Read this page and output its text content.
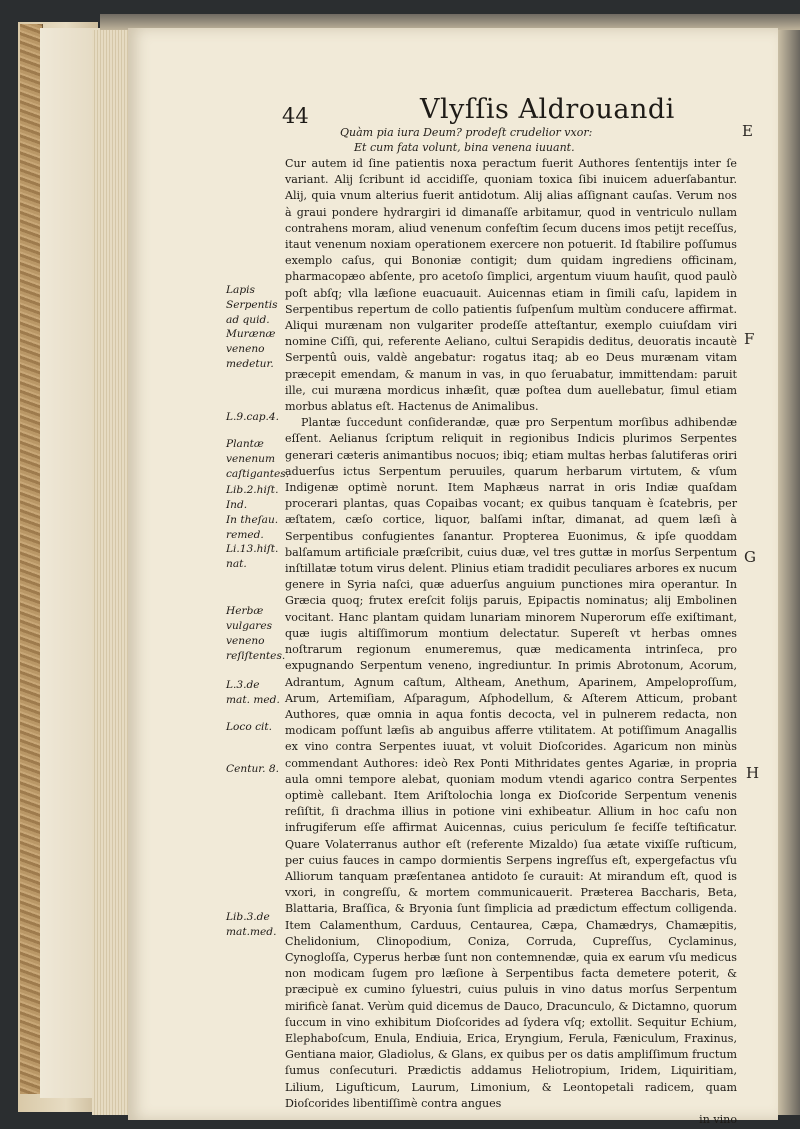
44	Vlyſſis Aldrouandi
E
F
G
H
Quàm pia iura Deum? prodeſt crudelior vxor:
Et cum fata volunt, bina venena iuuant.
Lapis Serpentis ad quid.
Murænæ veneno medetur.
L.9.cap.4.
Plantæ venenum caſtigantes.
Lib.2.hiſt. Ind.
In theſau. remed.
Li.13.hiſt. nat.
Herbæ vulgares veneno reſiſtentes.
L.3.de mat. med.
Loco cit.
Centur. 8.
Lib.3.de mat.med.

Cur autem id ſine patientis noxa peractum fuerit Authores ſententijs inter ſe variant. Alij ſcribunt id accidiſſe, quoniam toxica ſibi inuicem aduerſabantur. Alij, quia vnum alterius fuerit antidotum. Alij alias aſſignant cauſas. Verum nos à graui pondere hydrargiri id dimanaſſe arbitamur, quod in ventriculo nullam contrahens moram, aliud venenum confeſtim ſecum ducens imos petijt receſſus, itaut venenum noxiam operationem exercere non potuerit. Id ſtabilire poſſumus exemplo caſus, qui Bononiæ contigit; dum quidam ingrediens officinam, pharmacopæo abſente, pro acetoſo ſimplici, argentum viuum hauſit, quod paulò poſt abſq; vlla læſione euacuauit. Auicennas etiam in ſimili caſu, lapidem in Serpentibus repertum de collo patientis ſuſpenſum multùm conducere affirmat. Aliqui murænam non vulgariter prodeſſe atteſtantur, exemplo cuiuſdam viri nomine Ciſſi, qui, referente Aeliano, cultui Serapidis deditus, deuoratis incautè Serpentû ouis, valdè angebatur: rogatus itaq; ab eo Deus murænam vitam præcepit emendam, & manum in vas, in quo ſeruabatur, immittendam: paruit ille, cui muræna mordicus inhæſit, quæ poſtea dum auellebatur, ſimul etiam morbus ablatus eſt. Hactenus de Animalibus.

Plantæ ſuccedunt conſiderandæ, quæ pro Serpentum morſibus adhibendæ eſſent. Aelianus ſcriptum reliquit in regionibus Indicis plurimos Serpentes generari cæteris animantibus nocuos; ibiq; etiam multas herbas ſalutiferas oriri aduerſus ictus Serpentum peruuiles, quarum herbarum virtutem, & vſum Indigenæ optimè norunt. Item Maphæus narrat in oris Indiæ quaſdam procerari plantas, quas Copaibas vocant; ex quibus tanquam è ſcatebris, per æſtatem, cæſo cortice, liquor, balſami inſtar, dimanat, ad quem læſi à Serpentibus confugientes ſanantur. Propterea Euonimus, & ipſe quoddam balſamum artificiale præſcribit, cuius duæ, vel tres guttæ in morſus Serpentum inſtillatæ totum virus delent. Plinius etiam tradidit peculiares arbores ex nucum genere in Syria naſci, quæ aduerſus anguium punctiones mira operantur. In Græcia quoq; frutex ereſcit folijs paruis, Epipactis nominatus; alij Embolinen vocitant. Hanc plantam quidam lunariam minorem Nuperorum eſſe exiſtimant, quæ iugis altiſſimorum montium delectatur. Supereſt vt herbas omnes noſtrarum regionum enumeremus, quæ medicamenta intrinſeca, pro expugnando Serpentum veneno, ingrediuntur. In primis Abrotonum, Acorum, Adrantum, Agnum caſtum, Altheam, Anethum, Aparinem, Ampeloproſſum, Arum, Artemiſiam, Aſparagum, Aſphodellum, & Aſterem Atticum, probant Authores, quæ omnia in aqua fontis decocta, vel in pulnerem redacta, non modicam poſſunt læſis ab anguibus afferre vtilitatem. At potiſſimum Anagallis ex vino contra Serpentes iuuat, vt voluit Dioſcorides. Agaricum non minùs commendant Authores: ideò Rex Ponti Mithridates gentes Agariæ, in propria aula omni tempore alebat, quoniam modum vtendi agarico contra Serpentes optimè callebant. Item Ariſtolochia longa ex Dioſcoride Serpentum venenis reſiſtit, ſi drachma illius in potione vini exhibeatur. Allium in hoc caſu non infrugiferum eſſe affirmat Auicennas, cuius periculum ſe feciſſe teſtificatur. Quare Volaterranus author eſt (referente Mizaldo) ſua ætate vixiſſe ruſticum, per cuius fauces in campo dormientis Serpens ingreſſus eſt, expergefactus vſu Alliorum tanquam præſentanea antidoto ſe curauit: At mirandum eſt, quod is vxori, in congreſſu, & mortem communicauerit. Præterea Baccharis, Beta, Blattaria, Braſſica, & Bryonia ſunt ſimplicia ad prædictum effectum colligenda. Item Calamenthum, Carduus, Centaurea, Cæpa, Chamædrys, Chamæpitis, Chelidonium, Clinopodium, Coniza, Corruda, Cupreſſus, Cyclaminus, Cynogloſſa, Cyperus herbæ ſunt non contemnendæ, quia ex earum vſu medicus non modicam ſugem pro læſione à Serpentibus facta demetere poterit, & præcipuè ex cumino ſyluestri, cuius puluis in vino datus morſus Serpentum mirificè ſanat. Verùm quid dicemus de Dauco, Dracunculo, & Dictamno, quorum ſuccum in vino exhibitum Dioſcorides ad ſydera vſq; extollit. Sequitur Echium, Elephaboſcum, Enula, Endiuia, Erica, Eryngium, Ferula, Fæniculum, Fraxinus, Gentiana maior, Gladiolus, & Glans, ex quibus per os datis ampliſſimum fructum ſumus conſecuturi. Prædictis addamus Heliotropium, Iridem, Liquiritiam, Lilium, Liguſticum, Laurum, Limonium, & Leontopetali radicem, quam Dioſcorides libentiſſimè contra angues

in vino
